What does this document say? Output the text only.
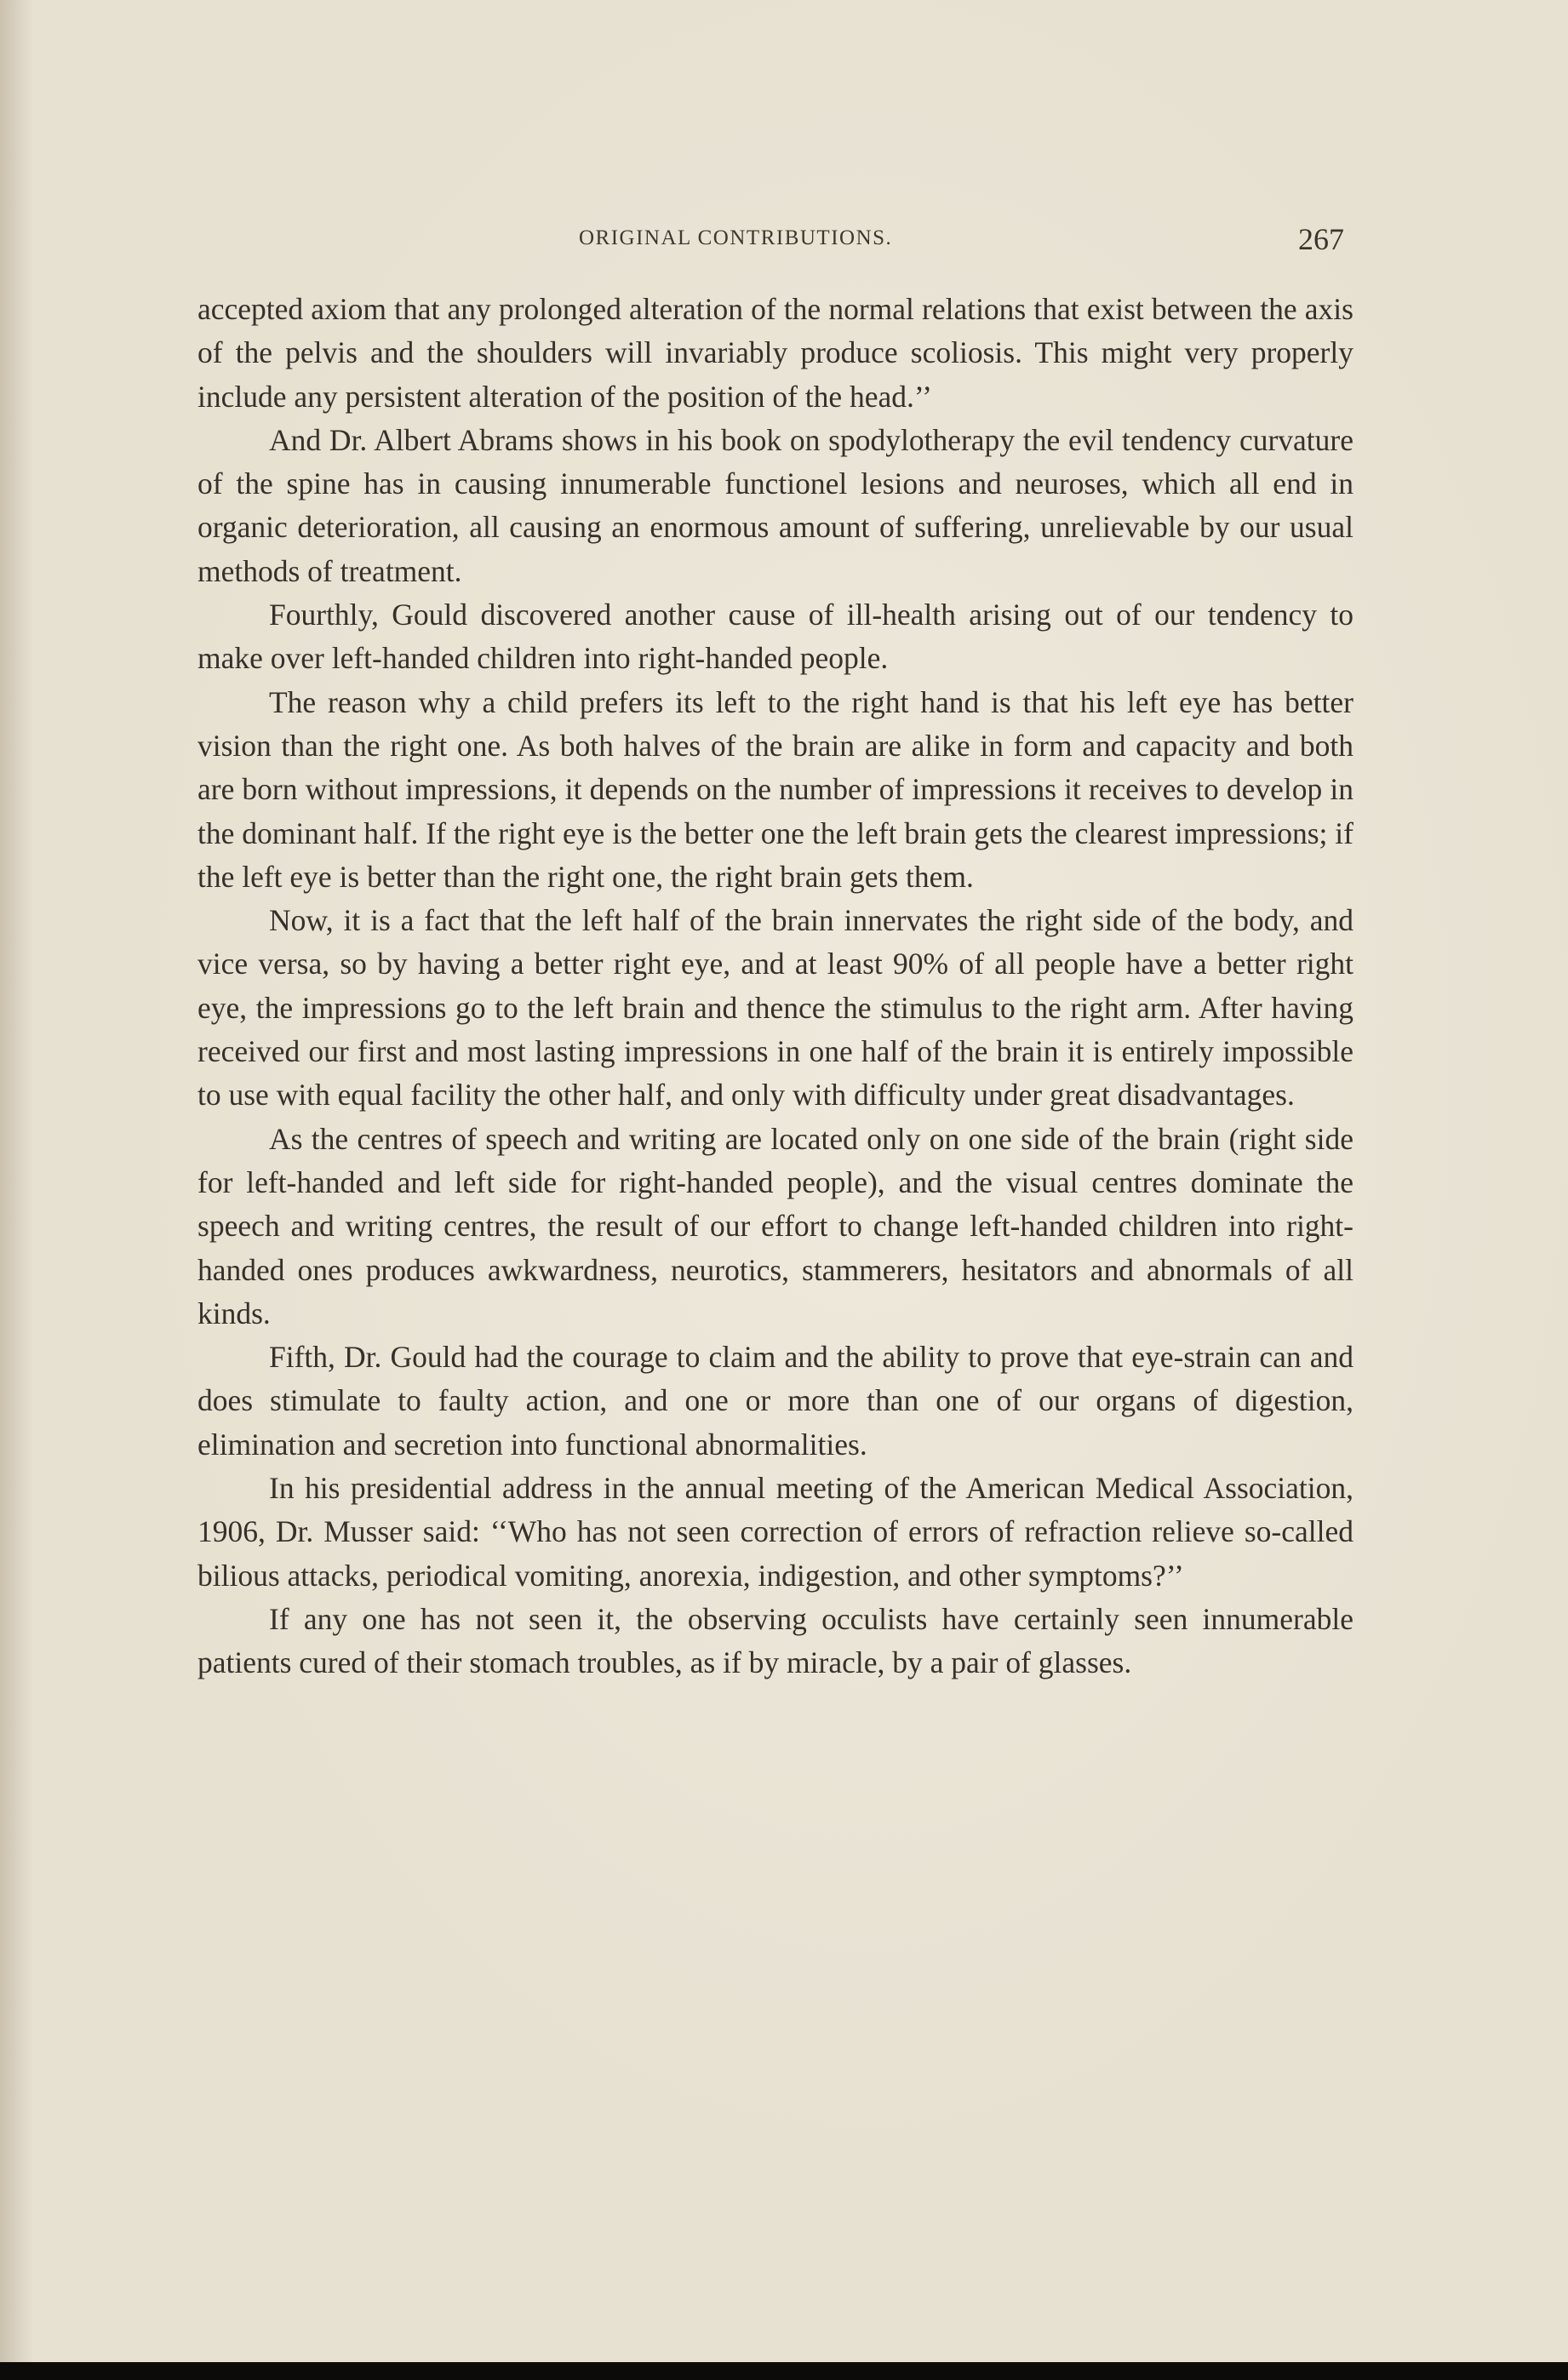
ORIGINAL CONTRIBUTIONS.	267

accepted axiom that any prolonged alteration of the normal relations that exist between the axis of the pelvis and the shoulders will invariably produce scoliosis. This might very properly include any persistent alteration of the position of the head.’’

And Dr. Albert Abrams shows in his book on spodylotherapy the evil tendency curvature of the spine has in causing innumerable functionel lesions and neuroses, which all end in organic deterioration, all causing an enormous amount of suffering, unrelievable by our usual methods of treatment.

Fourthly, Gould discovered another cause of ill-health arising out of our tendency to make over left-handed children into right-handed people.

The reason why a child prefers its left to the right hand is that his left eye has better vision than the right one. As both halves of the brain are alike in form and capacity and both are born without impressions, it depends on the number of impressions it receives to develop in the dominant half. If the right eye is the better one the left brain gets the clearest impressions; if the left eye is better than the right one, the right brain gets them.

Now, it is a fact that the left half of the brain innervates the right side of the body, and vice versa, so by having a better right eye, and at least 90% of all people have a better right eye, the impressions go to the left brain and thence the stimulus to the right arm. After having received our first and most lasting impressions in one half of the brain it is entirely impossible to use with equal facility the other half, and only with difficulty under great disadvantages.

As the centres of speech and writing are located only on one side of the brain (right side for left-handed and left side for right-handed people), and the visual centres dominate the speech and writing centres, the result of our effort to change left-handed children into right-handed ones produces awkwardness, neurotics, stammerers, hesitators and abnormals of all kinds.

Fifth, Dr. Gould had the courage to claim and the ability to prove that eye-strain can and does stimulate to faulty action, and one or more than one of our organs of digestion, elimination and secretion into functional abnormalities.

In his presidential address in the annual meeting of the American Medical Association, 1906, Dr. Musser said: ‘‘Who has not seen correction of errors of refraction relieve so-called bilious attacks, periodical vomiting, anorexia, indigestion, and other symptoms?’’

If any one has not seen it, the observing occulists have certainly seen innumerable patients cured of their stomach troubles, as if by miracle, by a pair of glasses.
